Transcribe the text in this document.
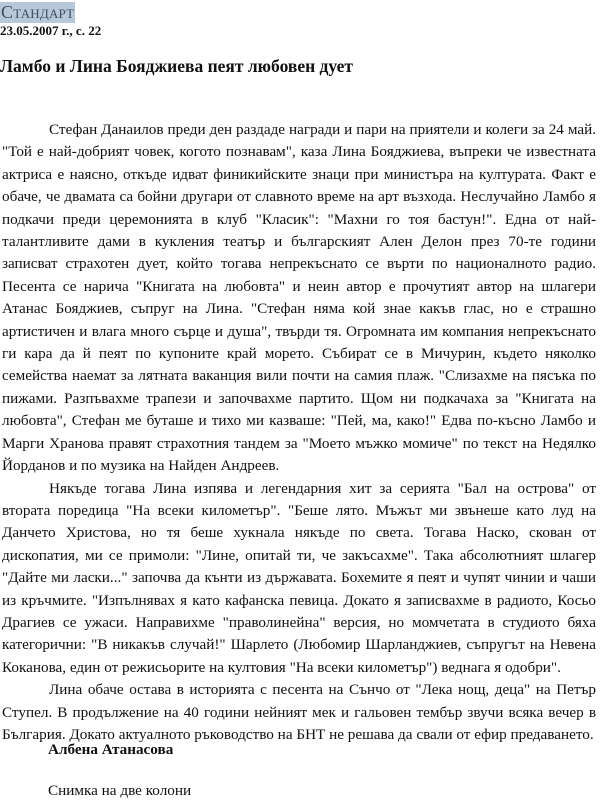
Стандарт
23.05.2007 г., с. 22
Ламбо и Лина Бояджиева пеят любовен дует

Стефан Данаилов преди ден раздаде награди и пари на приятели и колеги за 24 май. "Той е най-добрият човек, когото познавам", каза Лина Бояджиева, въпреки че известната актриса е наясно, откъде идват финикийските знаци при министъра на културата. Факт е обаче, че двамата са бойни другари от славното време на арт възхода. Неслучайно Ламбо я подкачи преди церемонията в клуб "Класик": "Махни го тоя бастун!". Една от най-талантливите дами в кукления театър и българският Ален Делон през 70-те години записват страхотен дует, който тогава непрекъснато се върти по националното радио. Песента се нарича "Книгата на любовта" и неин автор е прочутият автор на шлагери Атанас Бояджиев, съпруг на Лина. "Стефан няма кой знае какъв глас, но е страшно артистичен и влага много сърце и душа", твърди тя. Огромната им компания непрекъснато ги кара да й пеят по купоните край морето. Събират се в Мичурин, където няколко семейства наемат за лятната ваканция вили почти на самия плаж. "Слизахме на пясъка по пижами. Разпъвахме трапези и започвахме партито. Щом ни подкачаха за "Книгата на любовта", Стефан ме буташе и тихо ми казваше: "Пей, ма, како!" Едва по-късно Ламбо и Марги Хранова правят страхотния тандем за "Моето мъжко момиче" по текст на Недялко Йорданов и по музика на Найден Андреев.

Някъде тогава Лина изпява и легендарния хит за серията "Бал на острова" от втората поредица "На всеки километър". "Беше лято. Мъжът ми звънеше като луд на Данчето Христова, но тя беше хукнала някъде по света. Тогава Наско, скован от дископатия, ми се примоли: "Лине, опитай ти, че закъсахме". Така абсолютният шлагер "Дайте ми ласки..." започва да кънти из държавата. Бохемите я пеят и чупят чинии и чаши из кръчмите. "Изпълнявах я като кафанска певица. Докато я записвахме в радиото, Косьо Драгиев се ужаси. Направихме "праволинейна" версия, но момчетата в студиото бяха категорични: "В никакъв случай!" Шарлето (Любомир Шарланджиев, съпругът на Невена Коканова, един от режисьорите на култовия "На всеки километър") веднага я одобри".

Лина обаче остава в историята с песента на Сънчо от "Лека нощ, деца" на Петър Ступел. В продължение на 40 години нейният мек и гальовен тембър звучи всяка вечер в България. Докато актуалното ръководство на БНТ не решава да свали от ефир предаването.

Албена Атанасова
Снимка на две колони
